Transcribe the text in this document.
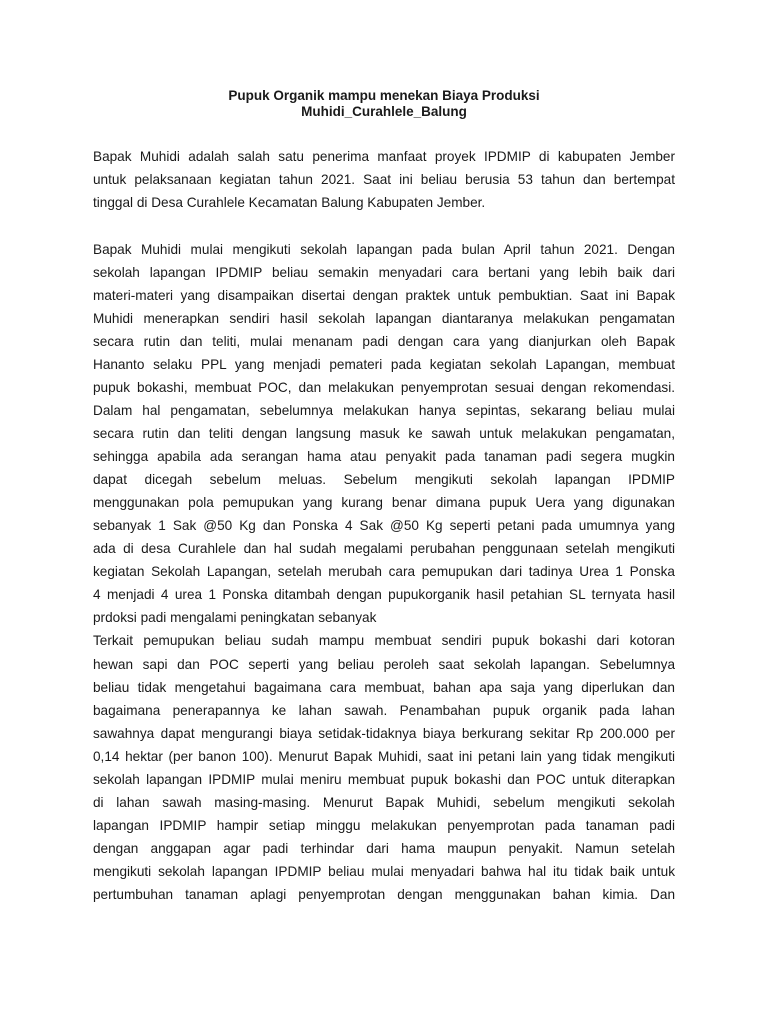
Pupuk Organik mampu menekan Biaya Produksi
Muhidi_Curahlele_Balung
Bapak Muhidi adalah salah satu penerima manfaat proyek IPDMIP di kabupaten Jember
untuk pelaksanaan kegiatan tahun 2021. Saat ini beliau berusia 53 tahun dan bertempat
tinggal di Desa Curahlele Kecamatan Balung Kabupaten Jember.
Bapak Muhidi mulai mengikuti sekolah lapangan pada bulan April tahun 2021. Dengan
sekolah lapangan IPDMIP beliau semakin menyadari cara bertani yang lebih baik dari
materi-materi yang disampaikan disertai dengan praktek untuk pembuktian. Saat ini Bapak
Muhidi menerapkan sendiri hasil sekolah lapangan diantaranya melakukan pengamatan
secara rutin dan teliti, mulai menanam padi dengan cara yang dianjurkan oleh Bapak
Hananto selaku PPL yang menjadi pemateri pada kegiatan sekolah Lapangan, membuat
pupuk bokashi, membuat POC, dan melakukan penyemprotan sesuai dengan rekomendasi.
Dalam hal pengamatan, sebelumnya melakukan hanya sepintas, sekarang beliau mulai
secara rutin dan teliti dengan langsung masuk ke sawah untuk melakukan pengamatan,
sehingga apabila ada serangan hama atau penyakit pada tanaman padi segera mugkin
dapat dicegah sebelum meluas. Sebelum mengikuti sekolah lapangan IPDMIP
menggunakan pola pemupukan yang kurang benar dimana pupuk Uera yang digunakan
sebanyak 1 Sak @50 Kg dan Ponska 4 Sak @50 Kg seperti petani pada umumnya yang
ada di desa Curahlele dan hal sudah megalami perubahan penggunaan setelah mengikuti
kegiatan Sekolah Lapangan, setelah merubah cara pemupukan dari tadinya Urea 1 Ponska
4 menjadi 4 urea 1 Ponska ditambah dengan pupukorganik hasil petahian SL ternyata hasil
prdoksi padi mengalami peningkatan sebanyak
Terkait pemupukan beliau sudah mampu membuat sendiri pupuk bokashi dari kotoran
hewan sapi dan POC seperti yang beliau peroleh saat sekolah lapangan. Sebelumnya
beliau tidak mengetahui bagaimana cara membuat, bahan apa saja yang diperlukan dan
bagaimana penerapannya ke lahan sawah. Penambahan pupuk organik pada lahan
sawahnya dapat mengurangi biaya setidak-tidaknya biaya berkurang sekitar Rp 200.000 per
0,14 hektar (per banon 100). Menurut Bapak Muhidi, saat ini petani lain yang tidak mengikuti
sekolah lapangan IPDMIP mulai meniru membuat pupuk bokashi dan POC untuk diterapkan
di lahan sawah masing-masing. Menurut Bapak Muhidi, sebelum mengikuti sekolah
lapangan IPDMIP hampir setiap minggu melakukan penyemprotan pada tanaman padi
dengan anggapan agar padi terhindar dari hama maupun penyakit. Namun setelah
mengikuti sekolah lapangan IPDMIP beliau mulai menyadari bahwa hal itu tidak baik untuk
pertumbuhan tanaman aplagi penyemprotan dengan menggunakan bahan kimia. Dan
